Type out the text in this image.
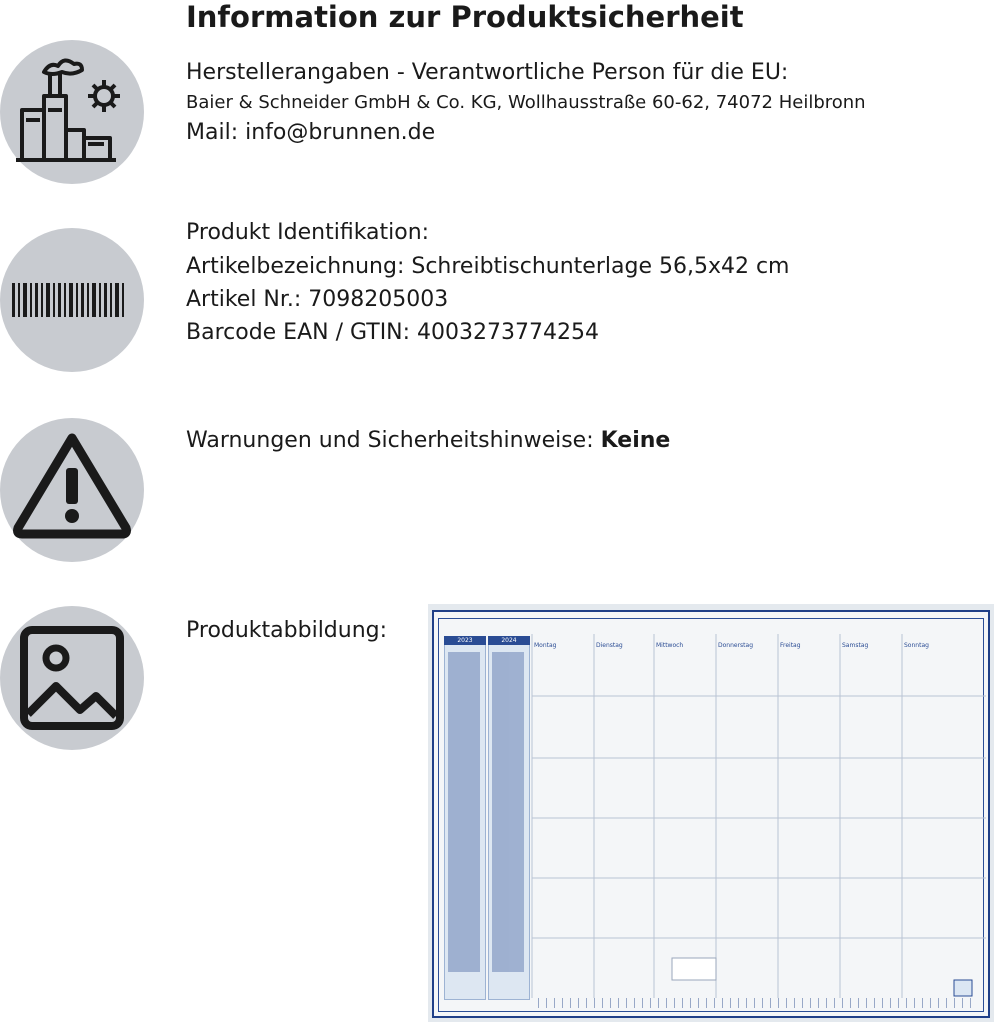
Information zur Produktsicherheit
Herstellerangaben - Verantwortliche Person für die EU:
Baier & Schneider GmbH & Co. KG, Wollhausstraße 60-62, 74072 Heilbronn
Mail: info@brunnen.de
Produkt Identifikation:
Artikelbezeichnung: Schreibtischunterlage 56,5x42 cm
Artikel Nr.: 7098205003
Barcode EAN / GTIN: 4003273774254
Warnungen und Sicherheitshinweise: Keine
Produktabbildung:	2023	2024
Montag	Dienstag	Mittwoch	Donnerstag	Freitag	Samstag	Sonntag
